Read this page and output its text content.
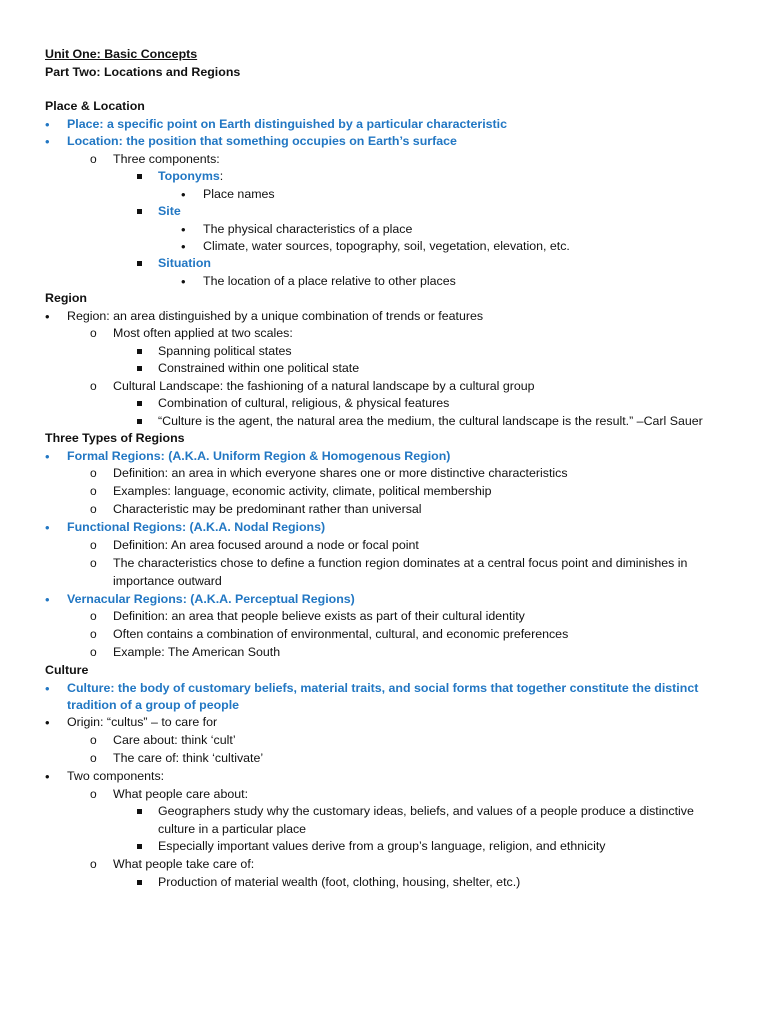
Unit One: Basic Concepts
Part Two: Locations and Regions
Place & Location
• Place: a specific point on Earth distinguished by a particular characteristic
• Location: the position that something occupies on Earth’s surface
o Three components:
Toponyms:
• Place names
Site
• The physical characteristics of a place
• Climate, water sources, topography, soil, vegetation, elevation, etc.
Situation
• The location of a place relative to other places
Region
• Region: an area distinguished by a unique combination of trends or features
o Most often applied at two scales:
Spanning political states
Constrained within one political state
o Cultural Landscape: the fashioning of a natural landscape by a cultural group
Combination of cultural, religious, & physical features
“Culture is the agent, the natural area the medium, the cultural landscape is the result.” –Carl Sauer
Three Types of Regions
• Formal Regions: (A.K.A. Uniform Region & Homogenous Region)
o Definition: an area in which everyone shares one or more distinctive characteristics
o Examples: language, economic activity, climate, political membership
o Characteristic may be predominant rather than universal
• Functional Regions: (A.K.A. Nodal Regions)
o Definition: An area focused around a node or focal point
o The characteristics chose to define a function region dominates at a central focus point and diminishes in
importance outward
• Vernacular Regions: (A.K.A. Perceptual Regions)
o Definition: an area that people believe exists as part of their cultural identity
o Often contains a combination of environmental, cultural, and economic preferences
o Example: The American South
Culture
• Culture: the body of customary beliefs, material traits, and social forms that together constitute the distinct
tradition of a group of people
• Origin: “cultus” – to care for
o Care about: think ‘cult’
o The care of: think ‘cultivate’
• Two components:
o What people care about:
Geographers study why the customary ideas, beliefs, and values of a people produce a distinctive
culture in a particular place
Especially important values derive from a group’s language, religion, and ethnicity
o What people take care of:
Production of material wealth (foot, clothing, housing, shelter, etc.)
